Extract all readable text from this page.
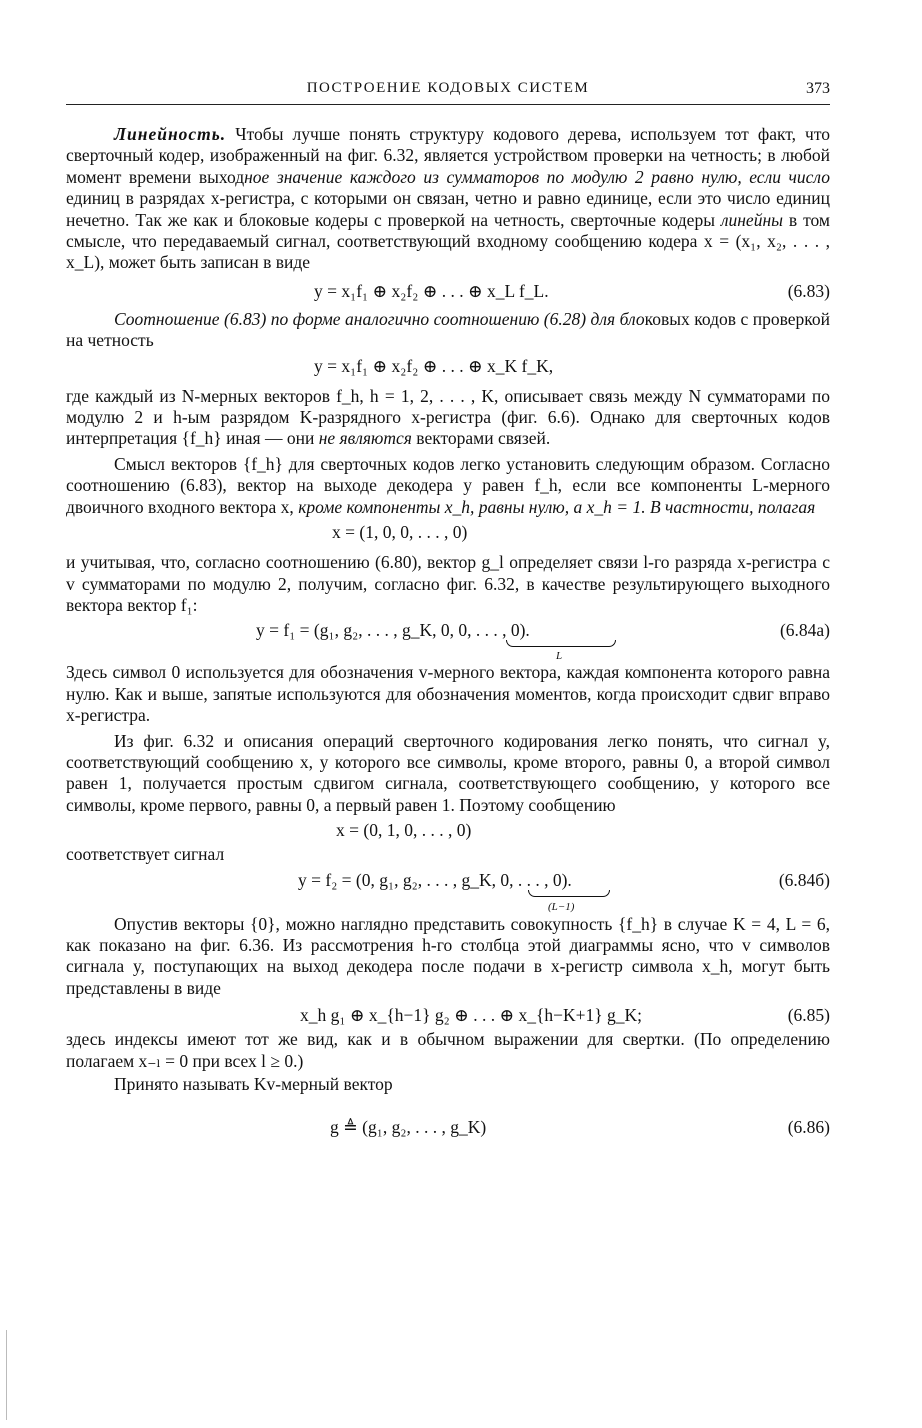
ПОСТРОЕНИЕ КОДОВЫХ СИСТЕМ	373

Линейность. Чтобы лучше понять структуру кодового дерева, используем тот факт, что сверточный кодер, изображенный на фиг. 6.32, является устройством проверки на четность; в любой момент времени выходное значение каждого из сумматоров по модулю 2 равно нулю, если число единиц в разрядах x-регистра, с которыми он связан, четно и равно единице, если это число единиц нечетно. Так же как и блоковые кодеры с проверкой на четность, сверточные кодеры линейны в том смысле, что передаваемый сигнал, соответствующий входному сообщению кодера x = (x₁, x₂, . . . , x_L), может быть записан в виде

y = x₁f₁ ⊕ x₂f₂ ⊕ . . . ⊕ x_L f_L.	(6.83)

Соотношение (6.83) по форме аналогично соотношению (6.28) для блоковых кодов с проверкой на четность

y = x₁f₁ ⊕ x₂f₂ ⊕ . . . ⊕ x_K f_K,

где каждый из N-мерных векторов f_h, h = 1, 2, . . . , K, описывает связь между N сумматорами по модулю 2 и h-ым разрядом K-разрядного x-регистра (фиг. 6.6). Однако для сверточных кодов интерпретация {f_h} иная — они не являются векторами связей.

Смысл векторов {f_h} для сверточных кодов легко установить следующим образом. Согласно соотношению (6.83), вектор на выходе декодера y равен f_h, если все компоненты L-мерного двоичного входного вектора x, кроме компоненты x_h, равны нулю, а x_h = 1. В частности, полагая

x = (1, 0, 0, . . . , 0)

и учитывая, что, согласно соотношению (6.80), вектор g_l определяет связи l-го разряда x-регистра с v сумматорами по модулю 2, получим, согласно фиг. 6.32, в качестве результирующего выходного вектора вектор f₁:

y = f₁ = (g₁, g₂, . . . , g_K, 0, 0, . . . , 0).
L
(6.84а)

Здесь символ 0 используется для обозначения v-мерного вектора, каждая компонента которого равна нулю. Как и выше, запятые используются для обозначения моментов, когда происходит сдвиг вправо x-регистра.

Из фиг. 6.32 и описания операций сверточного кодирования легко понять, что сигнал y, соответствующий сообщению x, у которого все символы, кроме второго, равны 0, а второй символ равен 1, получается простым сдвигом сигнала, соответствующего сообщению, у которого все символы, кроме первого, равны 0, а первый равен 1. Поэтому сообщению

x = (0, 1, 0, . . . , 0)

соответствует сигнал

y = f₂ = (0, g₁, g₂, . . . , g_K, 0, . . . , 0).
(L−1)
(6.84б)

Опустив векторы {0}, можно наглядно представить совокупность {f_h} в случае K = 4, L = 6, как показано на фиг. 6.36. Из рассмотрения h-го столбца этой диаграммы ясно, что v символов сигнала y, поступающих на выход декодера после подачи в x-регистр символа x_h, могут быть представлены в виде

x_h g₁ ⊕ x_{h−1} g₂ ⊕ . . . ⊕ x_{h−K+1} g_K;	(6.85)

здесь индексы имеют тот же вид, как и в обычном выражении для свертки. (По определению полагаем x₋ₗ = 0 при всех l ≥ 0.)

Принято называть Kv-мерный вектор

g ≜ (g₁, g₂, . . . , g_K)	(6.86)
